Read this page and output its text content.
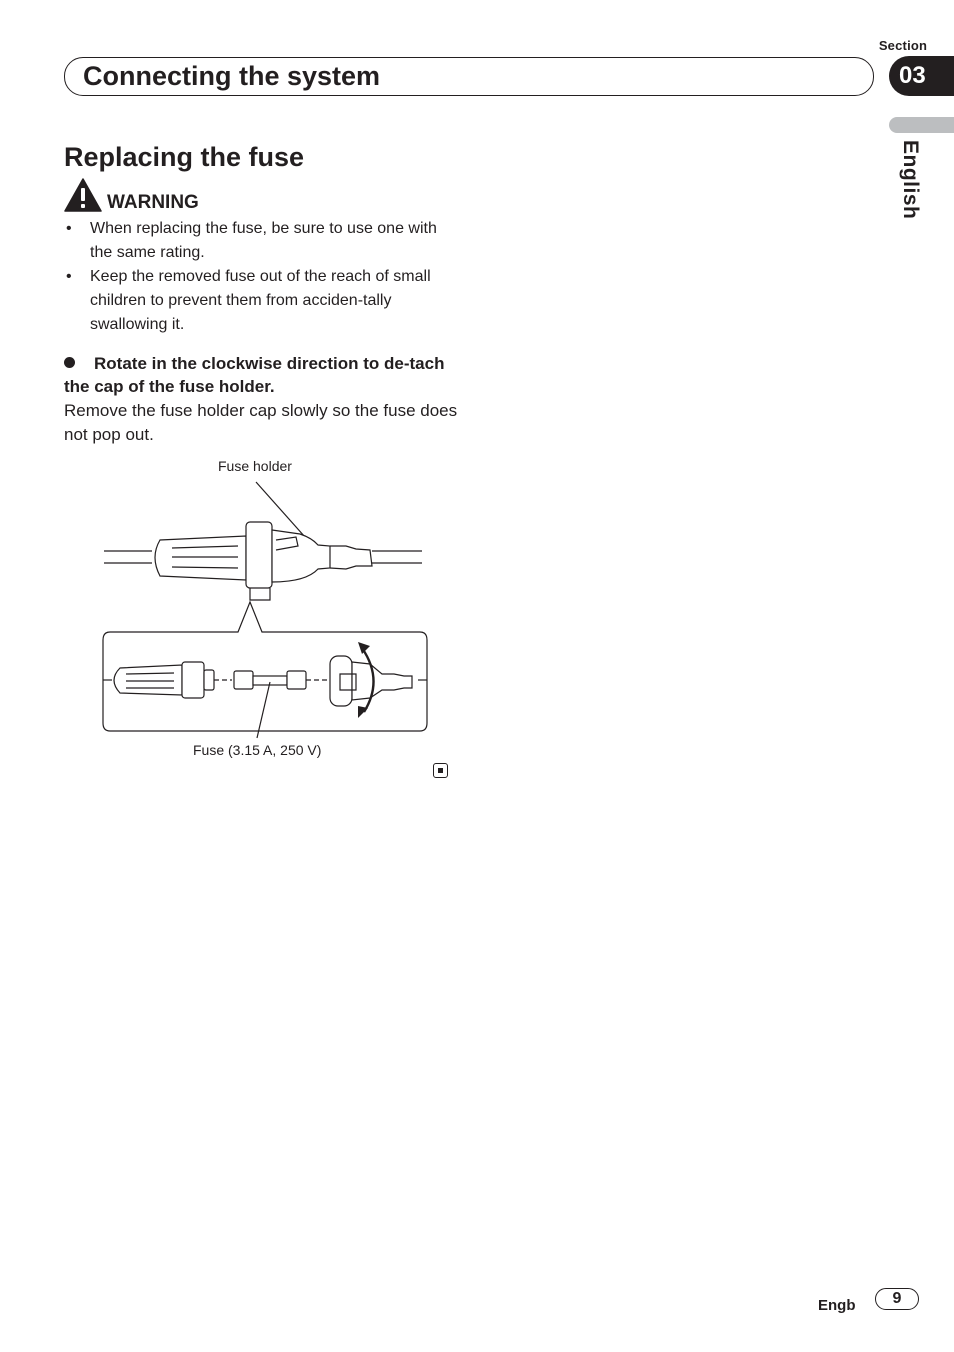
Section
Connecting the system	03
English
Replacing the fuse
WARNING
• When replacing the fuse, be sure to use one with the same rating.
• Keep the removed fuse out of the reach of small children to prevent them from acciden-tally swallowing it.
Rotate in the clockwise direction to de-tach the cap of the fuse holder.
Remove the fuse holder cap slowly so the fuse does not pop out.
Fuse holder
Fuse (3.15 A, 250 V)
Engb	9
